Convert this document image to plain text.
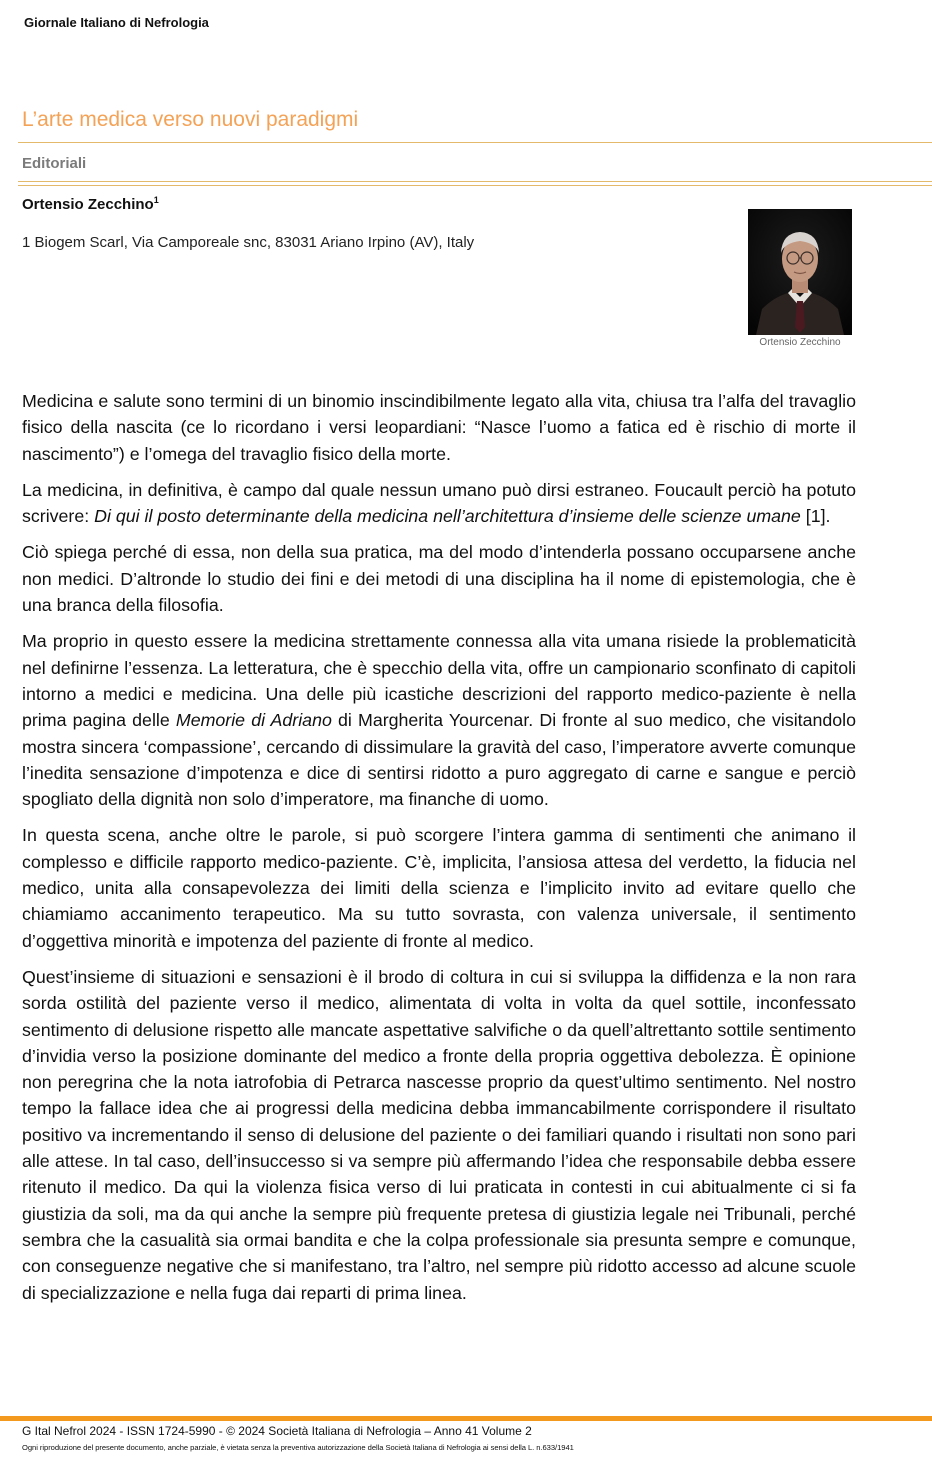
Giornale Italiano di Nefrologia
L’arte medica verso nuovi paradigmi
Editoriali
Ortensio Zecchino$^1$
1 Biogem Scarl, Via Camporeale snc, 83031 Ariano Irpino (AV), Italy
Ortensio Zecchino

Medicina e salute sono termini di un binomio inscindibilmente legato alla vita, chiusa tra l’alfa del travaglio fisico della nascita (ce lo ricordano i versi leopardiani: “Nasce l’uomo a fatica ed è rischio di morte il nascimento”) e l’omega del travaglio fisico della morte.

La medicina, in definitiva, è campo dal quale nessun umano può dirsi estraneo. Foucault perciò ha potuto scrivere: Di qui il posto determinante della medicina nell’architettura d’insieme delle scienze umane [1].

Ciò spiega perché di essa, non della sua pratica, ma del modo d’intenderla possano occuparsene anche non medici. D’altronde lo studio dei fini e dei metodi di una disciplina ha il nome di epistemologia, che è una branca della filosofia.

Ma proprio in questo essere la medicina strettamente connessa alla vita umana risiede la problematicità nel definirne l’essenza. La letteratura, che è specchio della vita, offre un campionario sconfinato di capitoli intorno a medici e medicina. Una delle più icastiche descrizioni del rapporto medico-paziente è nella prima pagina delle Memorie di Adriano di Margherita Yourcenar. Di fronte al suo medico, che visitandolo mostra sincera ‘compassione’, cercando di dissimulare la gravità del caso, l’imperatore avverte comunque l’inedita sensazione d’impotenza e dice di sentirsi ridotto a puro aggregato di carne e sangue e perciò spogliato della dignità non solo d’imperatore, ma finanche di uomo.

In questa scena, anche oltre le parole, si può scorgere l’intera gamma di sentimenti che animano il complesso e difficile rapporto medico-paziente. C’è, implicita, l’ansiosa attesa del verdetto, la fiducia nel medico, unita alla consapevolezza dei limiti della scienza e l’implicito invito ad evitare quello che chiamiamo accanimento terapeutico. Ma su tutto sovrasta, con valenza universale, il sentimento d’oggettiva minorità e impotenza del paziente di fronte al medico.

Quest’insieme di situazioni e sensazioni è il brodo di coltura in cui si sviluppa la diffidenza e la non rara sorda ostilità del paziente verso il medico, alimentata di volta in volta da quel sottile, inconfessato sentimento di delusione rispetto alle mancate aspettative salvifiche o da quell’altrettanto sottile sentimento d’invidia verso la posizione dominante del medico a fronte della propria oggettiva debolezza. È opinione non peregrina che la nota iatrofobia di Petrarca nascesse proprio da quest’ultimo sentimento. Nel nostro tempo la fallace idea che ai progressi della medicina debba immancabilmente corrispondere il risultato positivo va incrementando il senso di delusione del paziente o dei familiari quando i risultati non sono pari alle attese. In tal caso, dell’insuccesso si va sempre più affermando l’idea che responsabile debba essere ritenuto il medico. Da qui la violenza fisica verso di lui praticata in contesti in cui abitualmente ci si fa giustizia da soli, ma da qui anche la sempre più frequente pretesa di giustizia legale nei Tribunali, perché sembra che la casualità sia ormai bandita e che la colpa professionale sia presunta sempre e comunque, con conseguenze negative che si manifestano, tra l’altro, nel sempre più ridotto accesso ad alcune scuole di specializzazione e nella fuga dai reparti di prima linea.

G Ital Nefrol 2024 - ISSN 1724-5990 - © 2024 Società Italiana di Nefrologia – Anno 41 Volume 2
Ogni riproduzione del presente documento, anche parziale, è vietata senza la preventiva autorizzazione della Società Italiana di Nefrologia ai sensi della L. n.633/1941
